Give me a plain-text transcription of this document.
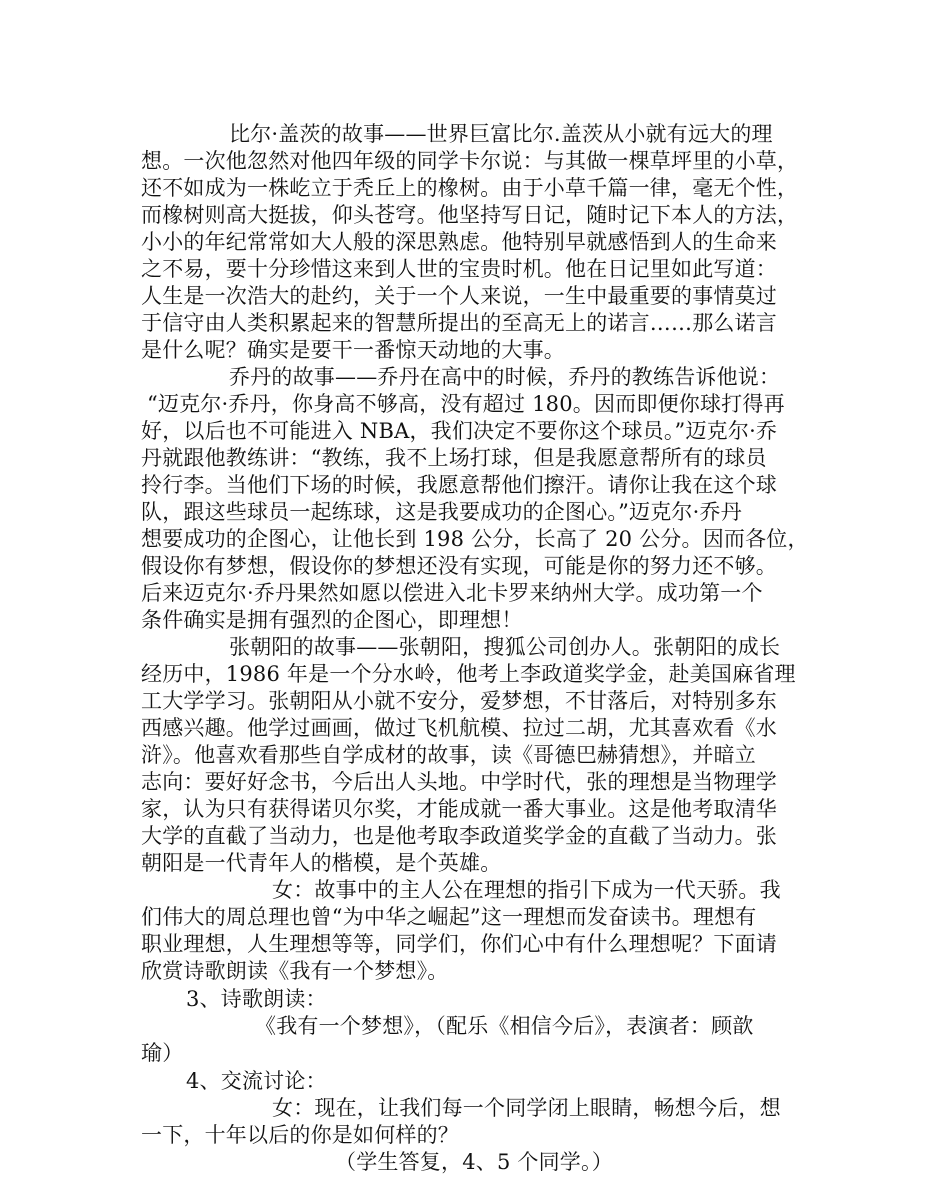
比尔·盖茨的故事——世界巨富比尔.盖茨从小就有远大的理
想。一次他忽然对他四年级的同学卡尔说：与其做一棵草坪里的小草，
还不如成为一株屹立于秃丘上的橡树。由于小草千篇一律，毫无个性，
而橡树则高大挺拔，仰头苍穹。他坚持写日记，随时记下本人的方法，
小小的年纪常常如大人般的深思熟虑。他特别早就感悟到人的生命来
之不易，要十分珍惜这来到人世的宝贵时机。他在日记里如此写道：
人生是一次浩大的赴约，关于一个人来说，一生中最重要的事情莫过
于信守由人类积累起来的智慧所提出的至高无上的诺言……那么诺言
是什么呢？确实是要干一番惊天动地的大事。
乔丹的故事——乔丹在高中的时候，乔丹的教练告诉他说：
“迈克尔·乔丹，你身高不够高，没有超过 180。因而即便你球打得再
好，以后也不可能进入 NBA，我们决定不要你这个球员。”迈克尔·乔
丹就跟他教练讲：“教练，我不上场打球，但是我愿意帮所有的球员
拎行李。当他们下场的时候，我愿意帮他们擦汗。请你让我在这个球
队，跟这些球员一起练球，这是我要成功的企图心。”迈克尔·乔丹
想要成功的企图心，让他长到 198 公分，长高了 20 公分。因而各位，
假设你有梦想，假设你的梦想还没有实现，可能是你的努力还不够。
后来迈克尔·乔丹果然如愿以偿进入北卡罗来纳州大学。成功第一个
条件确实是拥有强烈的企图心，即理想！
张朝阳的故事——张朝阳，搜狐公司创办人。张朝阳的成长
经历中，1986 年是一个分水岭，他考上李政道奖学金，赴美国麻省理
工大学学习。张朝阳从小就不安分，爱梦想，不甘落后，对特别多东
西感兴趣。他学过画画，做过飞机航模、拉过二胡，尤其喜欢看《水
浒》。他喜欢看那些自学成材的故事，读《哥德巴赫猜想》，并暗立
志向：要好好念书，今后出人头地。中学时代，张的理想是当物理学
家，认为只有获得诺贝尔奖，才能成就一番大事业。这是他考取清华
大学的直截了当动力，也是他考取李政道奖学金的直截了当动力。张
朝阳是一代青年人的楷模，是个英雄。
女：故事中的主人公在理想的指引下成为一代天骄。我
们伟大的周总理也曾“为中华之崛起”这一理想而发奋读书。理想有
职业理想，人生理想等等，同学们，你们心中有什么理想呢？下面请
欣赏诗歌朗读《我有一个梦想》。
3、诗歌朗读：
《我有一个梦想》，（配乐《相信今后》，表演者：顾歆
瑜）
4、交流讨论：
女：现在，让我们每一个同学闭上眼睛，畅想今后，想
一下，十年以后的你是如何样的？
（学生答复，4、5 个同学。）
